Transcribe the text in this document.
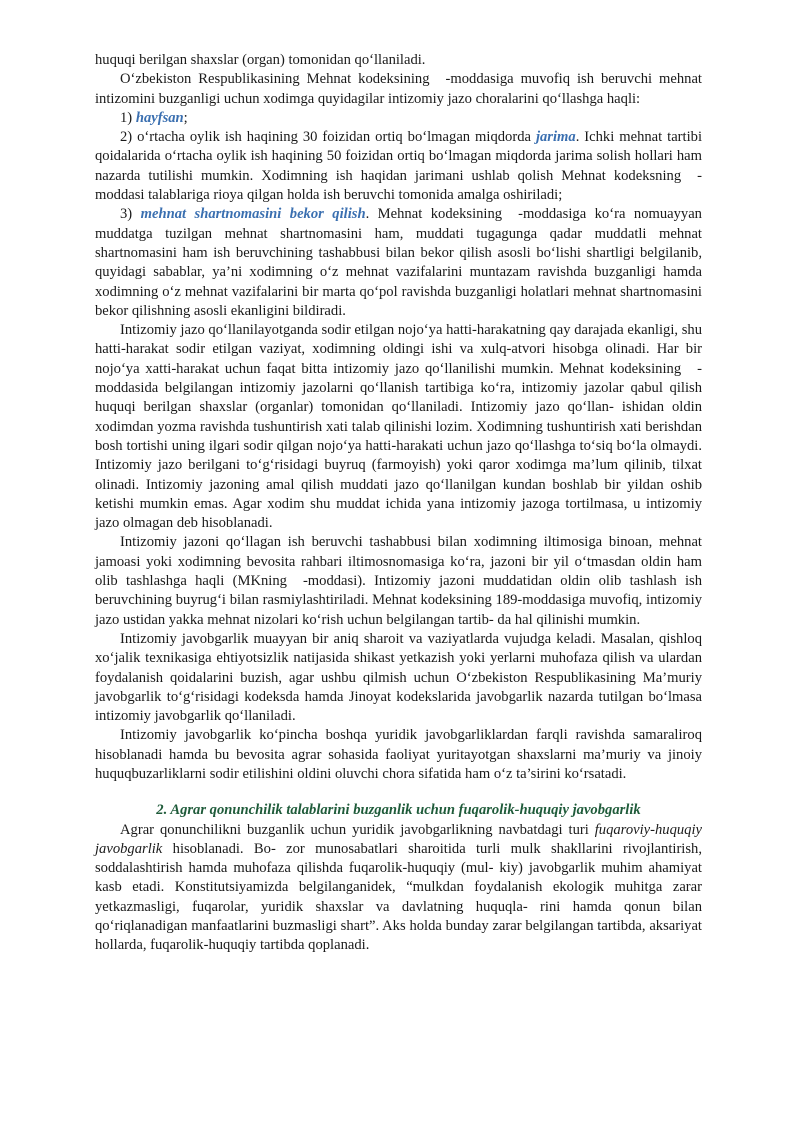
huquqi berilgan shaxslar (organ) tomonidan qo‘llaniladi.

O‘zbekiston Respublikasining Mehnat kodeksining -moddasiga muvofiq ish beruvchi mehnat intizomini buzganligi uchun xodimga quyidagilar intizomiy jazo choralarini qo‘llashga haqli:

1) hayfsan;

2) o‘rtacha oylik ish haqining 30 foizidan ortiq bo‘lmagan miqdorda jarima. Ichki mehnat tartibi qoidalarida o‘rtacha oylik ish haqining 50 foizidan ortiq bo‘lmagan miqdorda jarima solish hollari ham nazarda tutilishi mumkin. Xodimning ish haqidan jarimani ushlab qolish Mehnat kodeksning -moddasi talablariga rioya qilgan holda ish beruvchi tomonida amalga oshiriladi;

3) mehnat shartnomasini bekor qilish. Mehnat kodeksining -moddasiga ko‘ra nomuayyan muddatga tuzilgan mehnat shartnomasini ham, muddati tugagunga qadar muddatli mehnat shartnomasini ham ish beruvchining tashabbusi bilan bekor qilish asosli bo‘lishi shartligi belgilanib, quyidagi sabablar, ya’ni xodimning o‘z mehnat vazifalarini muntazam ravishda buzganligi hamda xodimning o‘z mehnat vazifalarini bir marta qo‘pol ravishda buzganligi holatlari mehnat shartnomasini bekor qilishning asosli ekanligini bildiradi.

Intizomiy jazo qo‘llanilayotganda sodir etilgan nojo‘ya hatti-harakatning qay darajada ekanligi, shu hatti-harakat sodir etilgan vaziyat, xodimning oldingi ishi va xulq-atvori hisobga olinadi. Har bir nojo‘ya xatti-harakat uchun faqat bitta intizomiy jazo qo‘llanilishi mumkin. Mehnat kodeksining -moddasida belgilangan intizomiy jazolarni qo‘llanish tartibiga ko‘ra, intizomiy jazolar qabul qilish huquqi berilgan shaxslar (organlar) tomonidan qo‘llaniladi. Intizomiy jazo qo‘llan- ishidan oldin xodimdan yozma ravishda tushuntirish xati talab qilinishi lozim. Xodimning tushuntirish xati berishdan bosh tortishi uning ilgari sodir qilgan nojo‘ya hatti-harakati uchun jazo qo‘llashga to‘siq bo‘la olmaydi. Intizomiy jazo berilgani to‘g‘risidagi buyruq (farmoyish) yoki qaror xodimga ma’lum qilinib, tilxat olinadi. Intizomiy jazoning amal qilish muddati jazo qo‘llanilgan kundan boshlab bir yildan oshib ketishi mumkin emas. Agar xodim shu muddat ichida yana intizomiy jazoga tortilmasa, u intizomiy jazo olmagan deb hisoblanadi.

Intizomiy jazoni qo‘llagan ish beruvchi tashabbusi bilan xodimning iltimosiga binoan, mehnat jamoasi yoki xodimning bevosita rahbari iltimosnomasiga ko‘ra, jazoni bir yil o‘tmasdan oldin ham olib tashlashga haqli (MKning -moddasi). Intizomiy jazoni muddatidan oldin olib tashlash ish beruvchining buyrug‘i bilan rasmiylashtiriladi. Mehnat kodeksining 189-moddasiga muvofiq, intizomiy jazo ustidan yakka mehnat nizolari ko‘rish uchun belgilangan tartib- da hal qilinishi mumkin.

Intizomiy javobgarlik muayyan bir aniq sharoit va vaziyatlarda vujudga keladi. Masalan, qishloq xo‘jalik texnikasiga ehtiyotsizlik natijasida shikast yetkazish yoki yerlarni muhofaza qilish va ulardan foydalanish qoidalarini buzish, agar ushbu qilmish uchun O‘zbekiston Respublikasining Ma’muriy javobgarlik to‘g‘risidagi kodeksda hamda Jinoyat kodekslarida javobgarlik nazarda tutilgan bo‘lmasa intizomiy javobgarlik qo‘llaniladi.

Intizomiy javobgarlik ko‘pincha boshqa yuridik javobgarliklardan farqli ravishda samaraliroq hisoblanadi hamda bu bevosita agrar sohasida faoliyat yuritayotgan shaxslarni ma’muriy va jinoiy huquqbuzarliklarni sodir etilishini oldini oluvchi chora sifatida ham o‘z ta’sirini ko‘rsatadi.

2. Agrar qonunchilik talablarini buzganlik uchun fuqarolik-huquqiy javobgarlik

Agrar qonunchilikni buzganlik uchun yuridik javobgarlikning navbatdagi turi fuqaroviy-huquqiy javobgarlik hisoblanadi. Bo- zor munosabatlari sharoitida turli mulk shakllarini rivojlantirish, soddalashtirish hamda muhofaza qilishda fuqarolik-huquqiy (mul- kiy) javobgarlik muhim ahamiyat kasb etadi. Konstitutsiyamizda belgilanganidek, “mulkdan foydalanish ekologik muhitga zarar yetkazmasligi, fuqarolar, yuridik shaxslar va davlatning huquqla- rini hamda qonun bilan qo‘riqlanadigan manfaatlarini buzmasligi shart”. Aks holda bunday zarar belgilangan tartibda, aksariyat hollarda, fuqarolik-huquqiy tartibda qoplanadi.
